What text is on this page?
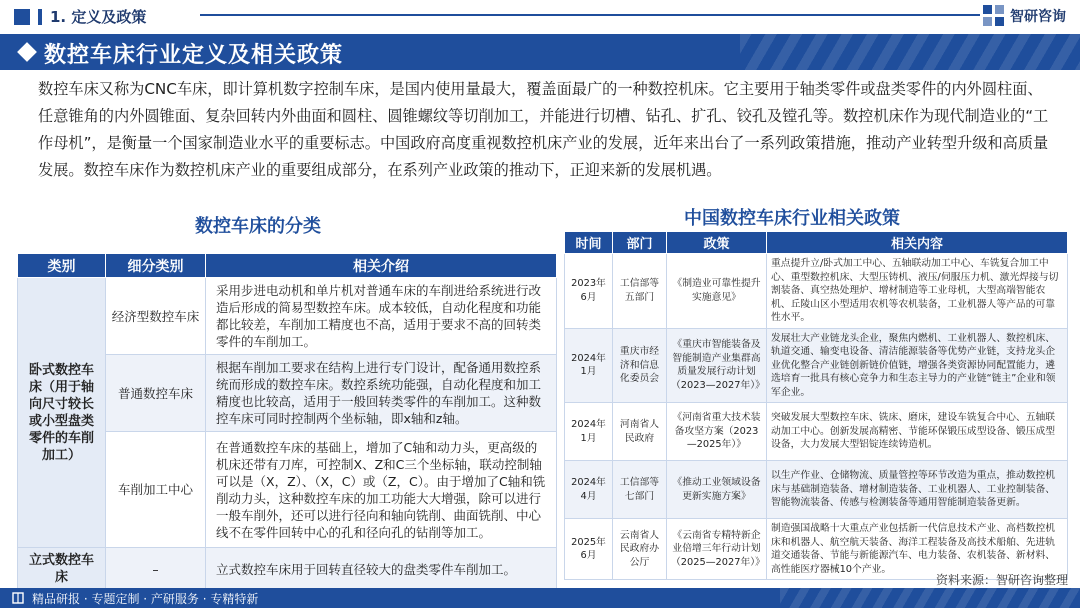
1. 定义及政策	智研咨询
数控车床行业定义及相关政策
数控车床又称为CNC车床，即计算机数字控制车床，是国内使用量最大，覆盖面最广的一种数控机床。它主要用于轴类零件或盘类零件的内外圆柱面、任意锥角的内外圆锥面、复杂回转内外曲面和圆柱、圆锥螺纹等切削加工，并能进行切槽、钻孔、扩孔、铰孔及镗孔等。数控机床作为现代制造业的“工作母机”，是衡量一个国家制造业水平的重要标志。中国政府高度重视数控机床产业的发展，近年来出台了一系列政策措施，推动产业转型升级和高质量发展。数控车床作为数控机床产业的重要组成部分，在系列产业政策的推动下，正迎来新的发展机遇。
数控车床的分类	中国数控车床行业相关政策
类别	细分类别	相关介绍
卧式数控车床（用于轴向尺寸较长或小型盘类零件的车削加工）	经济型数控车床	采用步进电动机和单片机对普通车床的车削进给系统进行改造后形成的简易型数控车床。成本较低，自动化程度和功能都比较差，车削加工精度也不高，适用于要求不高的回转类零件的车削加工。
	普通数控车床	根据车削加工要求在结构上进行专门设计，配备通用数控系统而形成的数控车床。数控系统功能强，自动化程度和加工精度也比较高，适用于一般回转类零件的车削加工。这种数控车床可同时控制两个坐标轴，即x轴和z轴。
	车削加工中心	在普通数控车床的基础上，增加了C轴和动力头，更高级的机床还带有刀库，可控制X、Z和C三个坐标轴，联动控制轴可以是（X，Z）、（X，C）或（Z，C）。由于增加了C轴和铣削动力头，这种数控车床的加工功能大大增强，除可以进行一般车削外，还可以进行径向和轴向铣削、曲面铣削、中心线不在零件回转中心的孔和径向孔的钻削等加工。
立式数控车床	–	立式数控车床用于回转直径较大的盘类零件车削加工。
时间	部门	政策	相关内容
2023年6月	工信部等五部门	《制造业可靠性提升实施意见》	重点提升立/卧式加工中心、五轴联动加工中心、车铣复合加工中心、重型数控机床、大型压铸机、液压/伺服压力机、激光焊接与切割装备、真空热处理炉、增材制造等工业母机，大型高端智能农机、丘陵山区小型适用农机等农机装备，工业机器人等产品的可靠性水平。
2024年1月	重庆市经济和信息化委员会	《重庆市智能装备及智能制造产业集群高质量发展行动计划（2023—2027年）》	发展壮大产业链龙头企业，聚焦内燃机、工业机器人、数控机床、轨道交通、输变电设备、清洁能源装备等优势产业链，支持龙头企业优化整合产业链创新链价值链，增强各类资源协同配置能力，遴选培育一批具有核心竞争力和生态主导力的产业链“链主”企业和领军企业。
2024年1月	河南省人民政府	《河南省重大技术装备攻坚方案（2023—2025年）》	突破发展大型数控车床、铣床、磨床，建设车铣复合中心、五轴联动加工中心。创新发展高精密、节能环保锻压成型设备、锻压成型设备，大力发展大型铝锭连续铸造机。
2024年4月	工信部等七部门	《推动工业领域设备更新实施方案》	以生产作业、仓储物流、质量管控等环节改造为重点，推动数控机床与基础制造装备、增材制造装备、工业机器人、工业控制装备、智能物流装备、传感与检测装备等通用智能制造装备更新。
2025年6月	云南省人民政府办公厅	《云南省专精特新企业倍增三年行动计划（2025—2027年）》	制造强国战略十大重点产业包括新一代信息技术产业、高档数控机床和机器人、航空航天装备、海洋工程装备及高技术船舶、先进轨道交通装备、节能与新能源汽车、电力装备、农机装备、新材料、高性能医疗器械10个产业。
资料来源：智研咨询整理
精品研报 · 专题定制 · 产研服务 · 专精特新
